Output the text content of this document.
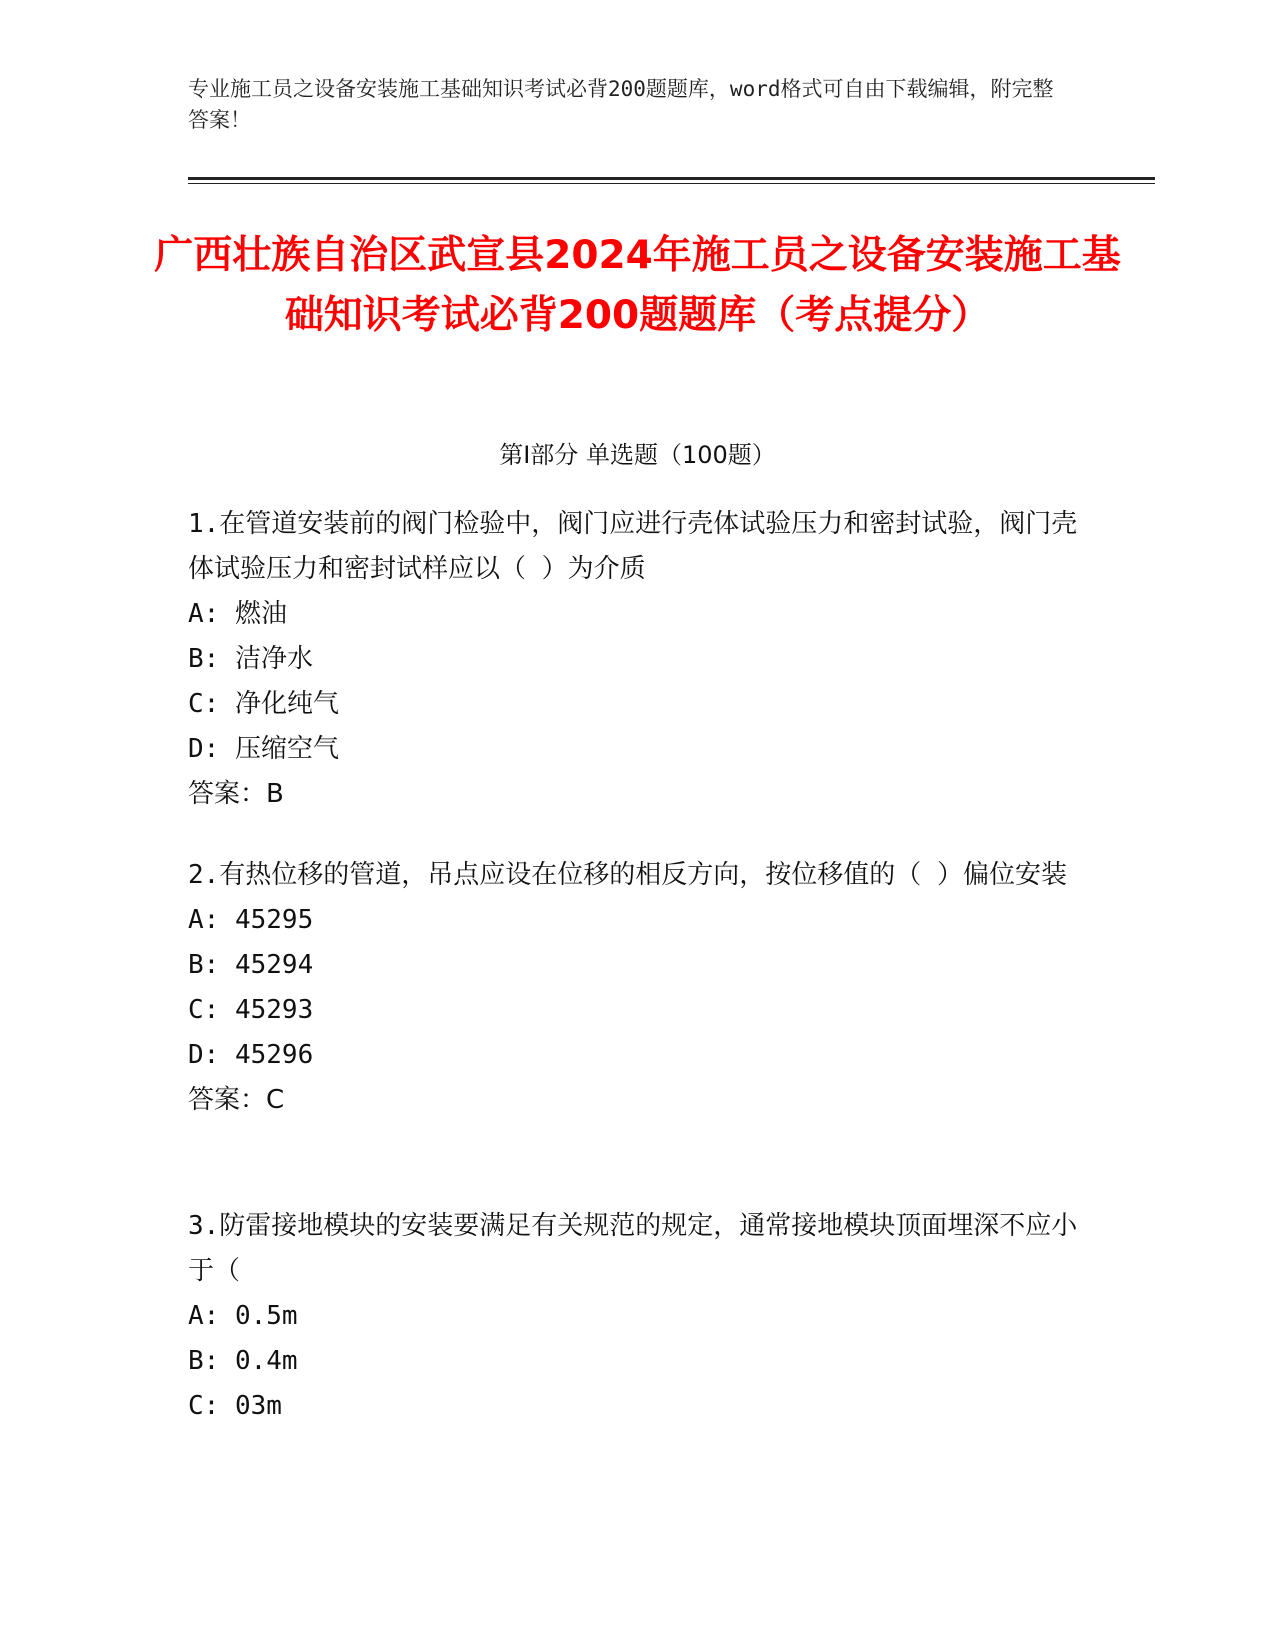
专业施工员之设备安装施工基础知识考试必背200题题库，word格式可自由下载编辑，附完整答案！
广西壮族自治区武宣县2024年施工员之设备安装施工基础知识考试必背200题题库（考点提分）
第Ⅰ部分 单选题（100题）

1.在管道安装前的阀门检验中，阀门应进行壳体试验压力和密封试验，阀门壳体试验压力和密封试样应以（ ）为介质

A: 燃油

B: 洁净水

C: 净化纯气

D: 压缩空气

答案：B

2.有热位移的管道，吊点应设在位移的相反方向，按位移值的（ ）偏位安装

A: 45295

B: 45294

C: 45293

D: 45296

答案：C

3.防雷接地模块的安装要满足有关规范的规定，通常接地模块顶面埋深不应小于（

A: 0.5m

B: 0.4m

C: 03m
